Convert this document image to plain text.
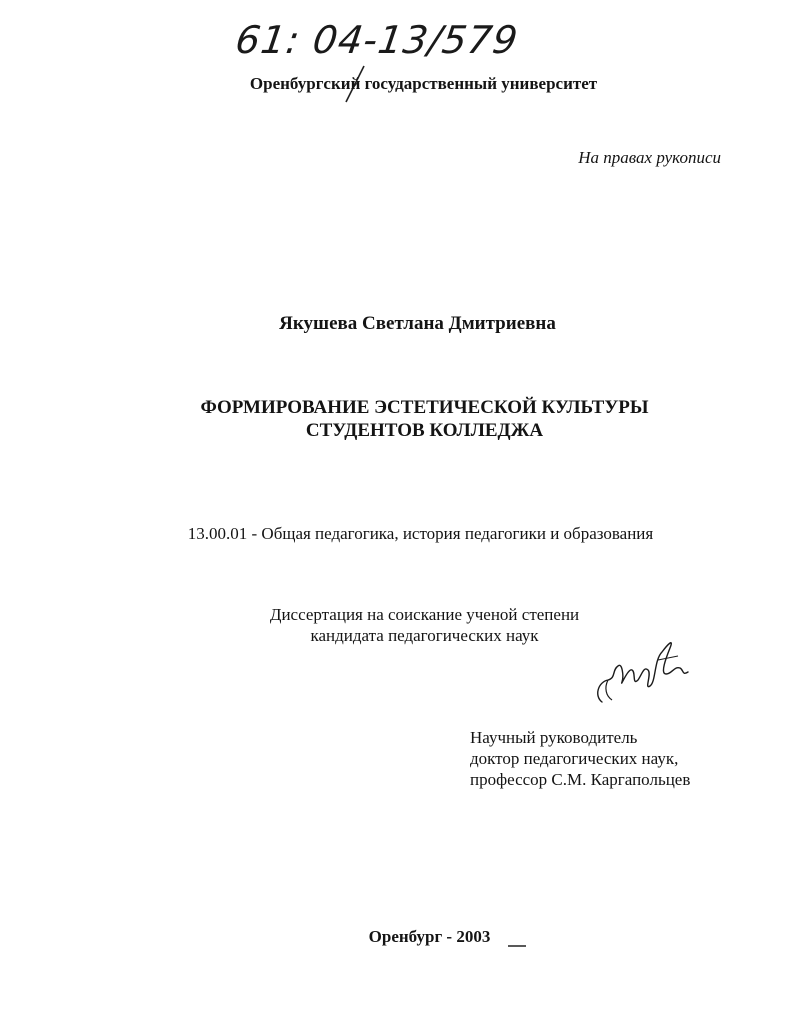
61: 04-13/579
Оренбургский государственный университет
На правах рукописи
Якушева Светлана Дмитриевна
ФОРМИРОВАНИЕ ЭСТЕТИЧЕСКОЙ КУЛЬТУРЫ
СТУДЕНТОВ КОЛЛЕДЖА
13.00.01 - Общая педагогика, история педагогики и образования
Диссертация на соискание ученой степени
кандидата педагогических наук
Научный руководитель
доктор педагогических наук,
профессор С.М. Каргапольцев
Оренбург - 2003
